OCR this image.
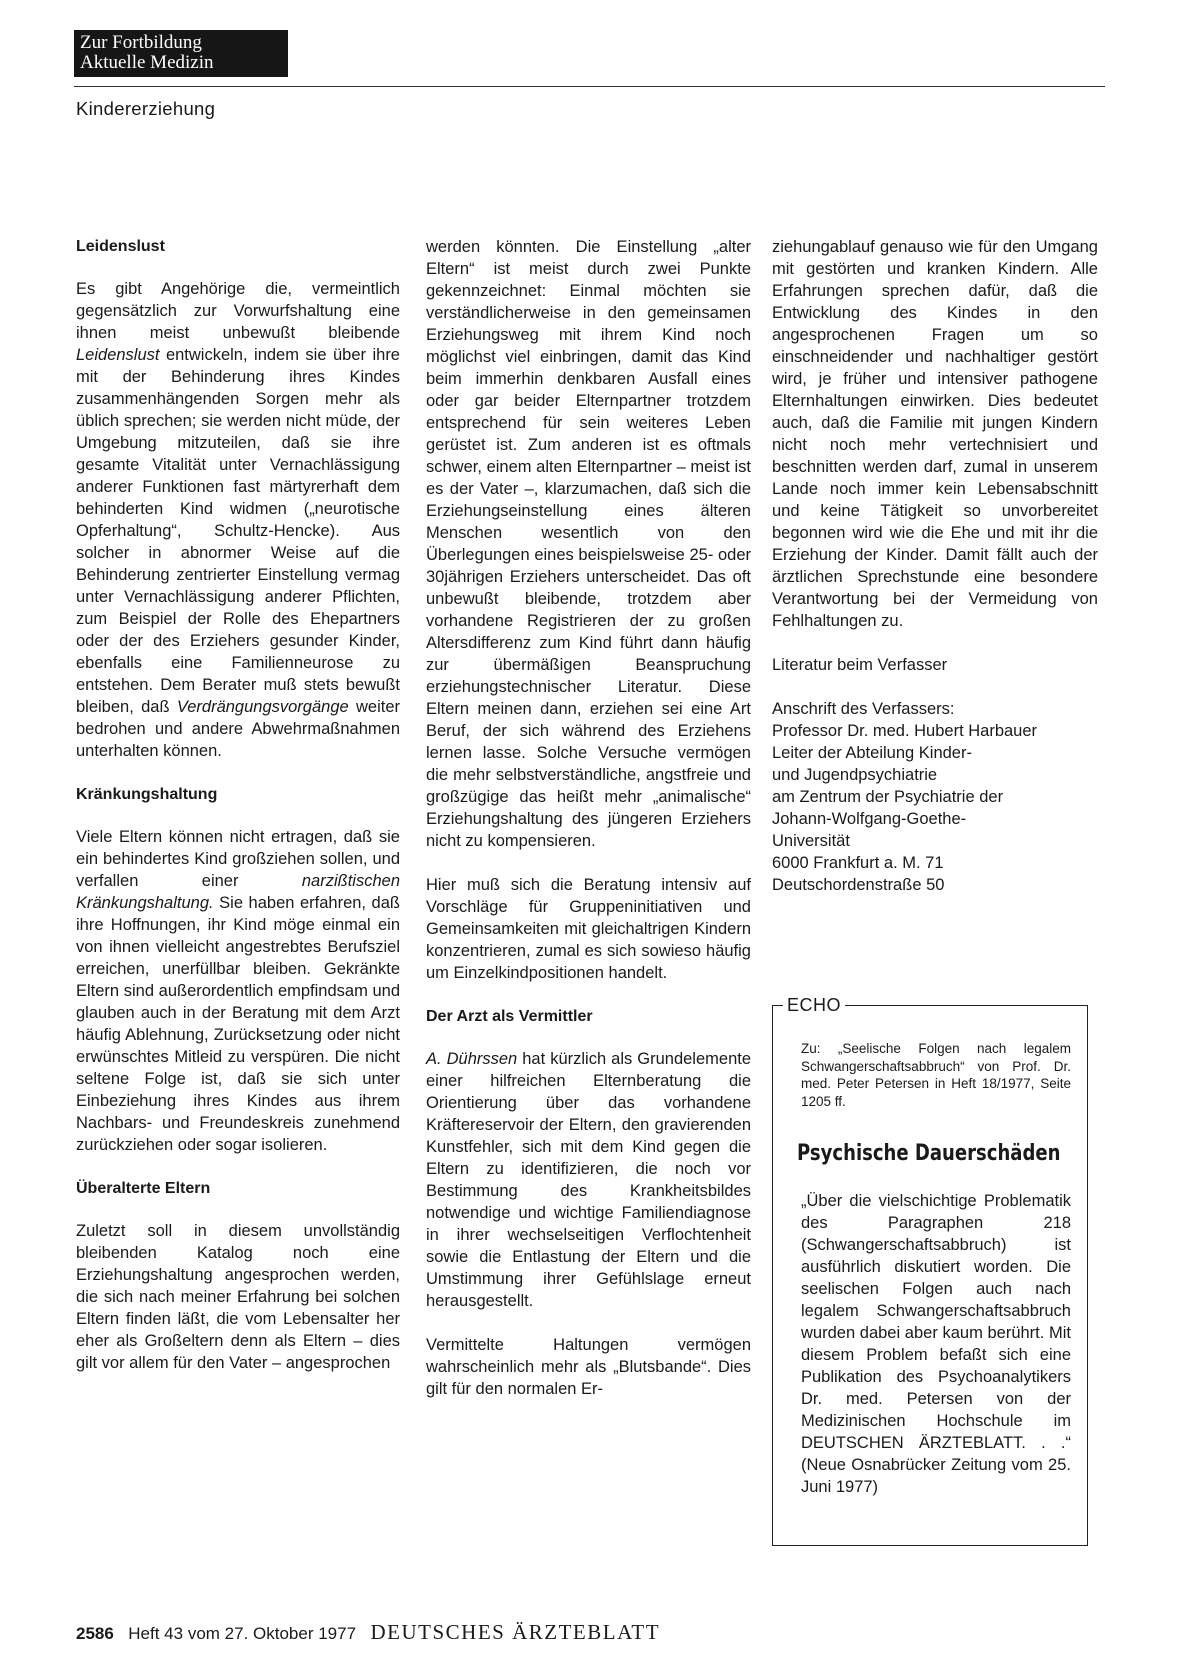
Zur Fortbildung
Aktuelle Medizin
Kindererziehung
Leidenslust

Es gibt Angehörige die, vermeintlich gegensätzlich zur Vorwurfshaltung eine ihnen meist unbewußt bleibende Leidenslust entwickeln, indem sie über ihre mit der Behinderung ihres Kindes zusammenhängenden Sorgen mehr als üblich sprechen; sie werden nicht müde, der Umgebung mitzuteilen, daß sie ihre gesamte Vitalität unter Vernachlässigung anderer Funktionen fast märtyrerhaft dem behinderten Kind widmen („neurotische Opferhaltung“, Schultz-Hencke). Aus solcher in abnormer Weise auf die Behinderung zentrierter Einstellung vermag unter Vernachlässigung anderer Pflichten, zum Beispiel der Rolle des Ehepartners oder der des Erziehers gesunder Kinder, ebenfalls eine Familienneurose zu entstehen. Dem Berater muß stets bewußt bleiben, daß Verdrängungsvorgänge weiter bedrohen und andere Abwehrmaßnahmen unterhalten können.

Kränkungshaltung

Viele Eltern können nicht ertragen, daß sie ein behindertes Kind großziehen sollen, und verfallen einer narzißtischen Kränkungshaltung. Sie haben erfahren, daß ihre Hoffnungen, ihr Kind möge einmal ein von ihnen vielleicht angestrebtes Berufsziel erreichen, unerfüllbar bleiben. Gekränkte Eltern sind außerordentlich empfindsam und glauben auch in der Beratung mit dem Arzt häufig Ablehnung, Zurücksetzung oder nicht erwünschtes Mitleid zu verspüren. Die nicht seltene Folge ist, daß sie sich unter Einbeziehung ihres Kindes aus ihrem Nachbars- und Freundeskreis zunehmend zurückziehen oder sogar isolieren.

Überalterte Eltern

Zuletzt soll in diesem unvollständig bleibenden Katalog noch eine Erziehungshaltung angesprochen werden, die sich nach meiner Erfahrung bei solchen Eltern finden läßt, die vom Lebensalter her eher als Großeltern denn als Eltern – dies gilt vor allem für den Vater – angesprochen

werden könnten. Die Einstellung „alter Eltern“ ist meist durch zwei Punkte gekennzeichnet: Einmal möchten sie verständlicherweise in den gemeinsamen Erziehungsweg mit ihrem Kind noch möglichst viel einbringen, damit das Kind beim immerhin denkbaren Ausfall eines oder gar beider Elternpartner trotzdem entsprechend für sein weiteres Leben gerüstet ist. Zum anderen ist es oftmals schwer, einem alten Elternpartner – meist ist es der Vater –, klarzumachen, daß sich die Erziehungseinstellung eines älteren Menschen wesentlich von den Überlegungen eines beispielsweise 25- oder 30jährigen Erziehers unterscheidet. Das oft unbewußt bleibende, trotzdem aber vorhandene Registrieren der zu großen Altersdifferenz zum Kind führt dann häufig zur übermäßigen Beanspruchung erziehungstechnischer Literatur. Diese Eltern meinen dann, erziehen sei eine Art Beruf, der sich während des Erziehens lernen lasse. Solche Versuche vermögen die mehr selbstverständliche, angstfreie und großzügige das heißt mehr „animalische“ Erziehungshaltung des jüngeren Erziehers nicht zu kompensieren.

Hier muß sich die Beratung intensiv auf Vorschläge für Gruppeninitiativen und Gemeinsamkeiten mit gleichaltrigen Kindern konzentrieren, zumal es sich sowieso häufig um Einzelkindpositionen handelt.

Der Arzt als Vermittler

A. Dührssen hat kürzlich als Grundelemente einer hilfreichen Elternberatung die Orientierung über das vorhandene Kräftereservoir der Eltern, den gravierenden Kunstfehler, sich mit dem Kind gegen die Eltern zu identifizieren, die noch vor Bestimmung des Krankheitsbildes notwendige und wichtige Familiendiagnose in ihrer wechselseitigen Verflochtenheit sowie die Entlastung der Eltern und die Umstimmung ihrer Gefühlslage erneut herausgestellt.

Vermittelte Haltungen vermögen wahrscheinlich mehr als „Blutsbande“. Dies gilt für den normalen Er-

ziehungablauf genauso wie für den Umgang mit gestörten und kranken Kindern. Alle Erfahrungen sprechen dafür, daß die Entwicklung des Kindes in den angesprochenen Fragen um so einschneidender und nachhaltiger gestört wird, je früher und intensiver pathogene Elternhaltungen einwirken. Dies bedeutet auch, daß die Familie mit jungen Kindern nicht noch mehr vertechnisiert und beschnitten werden darf, zumal in unserem Lande noch immer kein Lebensabschnitt und keine Tätigkeit so unvorbereitet begonnen wird wie die Ehe und mit ihr die Erziehung der Kinder. Damit fällt auch der ärztlichen Sprechstunde eine besondere Verantwortung bei der Vermeidung von Fehlhaltungen zu.

Literatur beim Verfasser

Anschrift des Verfassers:
Professor Dr. med. Hubert Harbauer
Leiter der Abteilung Kinder-
und Jugendpsychiatrie
am Zentrum der Psychiatrie der
Johann-Wolfgang-Goethe-
Universität
6000 Frankfurt a. M. 71
Deutschordenstraße 50
ECHO
Zu: „Seelische Folgen nach legalem Schwangerschaftsabbruch“ von Prof. Dr. med. Peter Petersen in Heft 18/1977, Seite 1205 ff.
Psychische Dauerschäden
„Über die vielschichtige Problematik des Paragraphen 218 (Schwangerschaftsabbruch) ist ausführlich diskutiert worden. Die seelischen Folgen auch nach legalem Schwangerschaftsabbruch wurden dabei aber kaum berührt. Mit diesem Problem befaßt sich eine Publikation des Psychoanalytikers Dr. med. Petersen von der Medizinischen Hochschule im DEUTSCHEN ÄRZTEBLATT. . .“ (Neue Osnabrücker Zeitung vom 25. Juni 1977)
2586 Heft 43 vom 27. Oktober 1977 DEUTSCHES ÄRZTEBLATT
